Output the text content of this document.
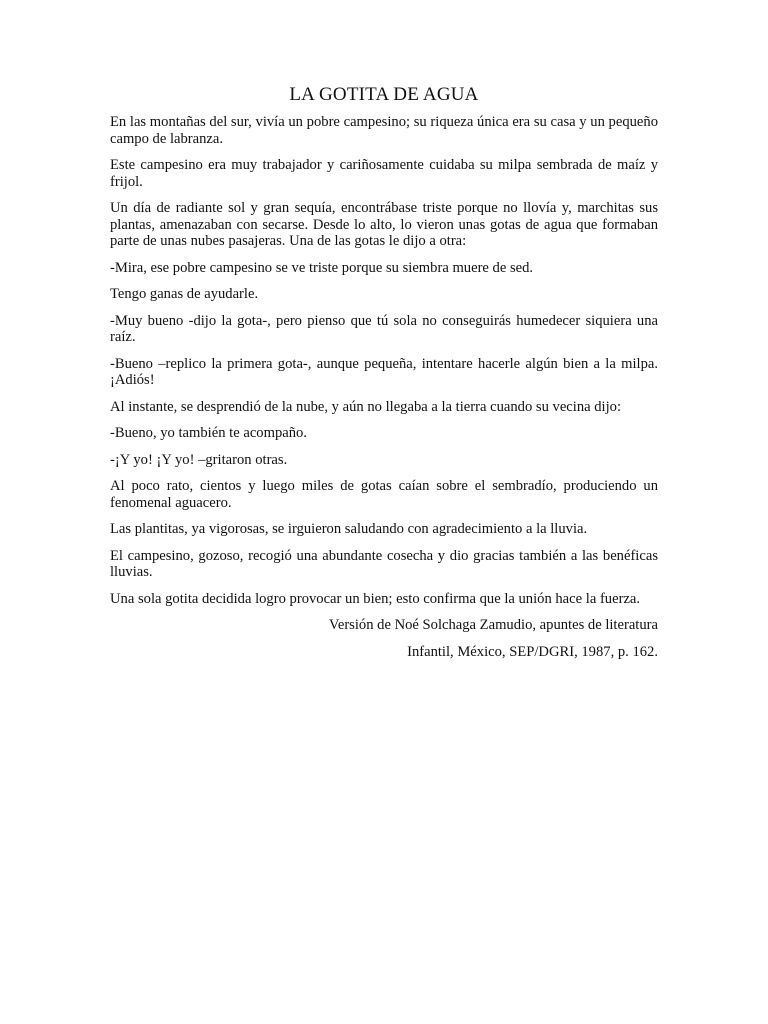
LA GOTITA DE AGUA

En las montañas del sur, vivía un pobre campesino; su riqueza única era su casa y un pequeño campo de labranza.

Este campesino era muy trabajador y cariñosamente cuidaba su milpa sembrada de maíz y frijol.

Un día de radiante sol y gran sequía, encontrábase triste porque no llovía y, marchitas sus plantas, amenazaban con secarse. Desde lo alto, lo vieron unas gotas de agua que formaban parte de unas nubes pasajeras. Una de las gotas le dijo a otra:

-Mira, ese pobre campesino se ve triste porque su siembra muere de sed.

Tengo ganas de ayudarle.

-Muy bueno -dijo la gota-, pero pienso que tú sola no conseguirás humedecer siquiera una raíz.

-Bueno –replico la primera gota-, aunque pequeña, intentare hacerle algún bien a la milpa. ¡Adiós!

Al instante, se desprendió de la nube, y aún no llegaba a la tierra cuando su vecina dijo:

-Bueno, yo también te acompaño.

-¡Y yo! ¡Y yo! –gritaron otras.

Al poco rato, cientos y luego miles de gotas caían sobre el sembradío, produciendo un fenomenal aguacero.

Las plantitas, ya vigorosas, se irguieron saludando con agradecimiento a la lluvia.

El campesino, gozoso, recogió una abundante cosecha y dio gracias también a las benéficas lluvias.

Una sola gotita decidida logro provocar un bien; esto confirma que la unión hace la fuerza.

Versión de Noé Solchaga Zamudio, apuntes de literatura

Infantil, México, SEP/DGRI, 1987, p. 162.
